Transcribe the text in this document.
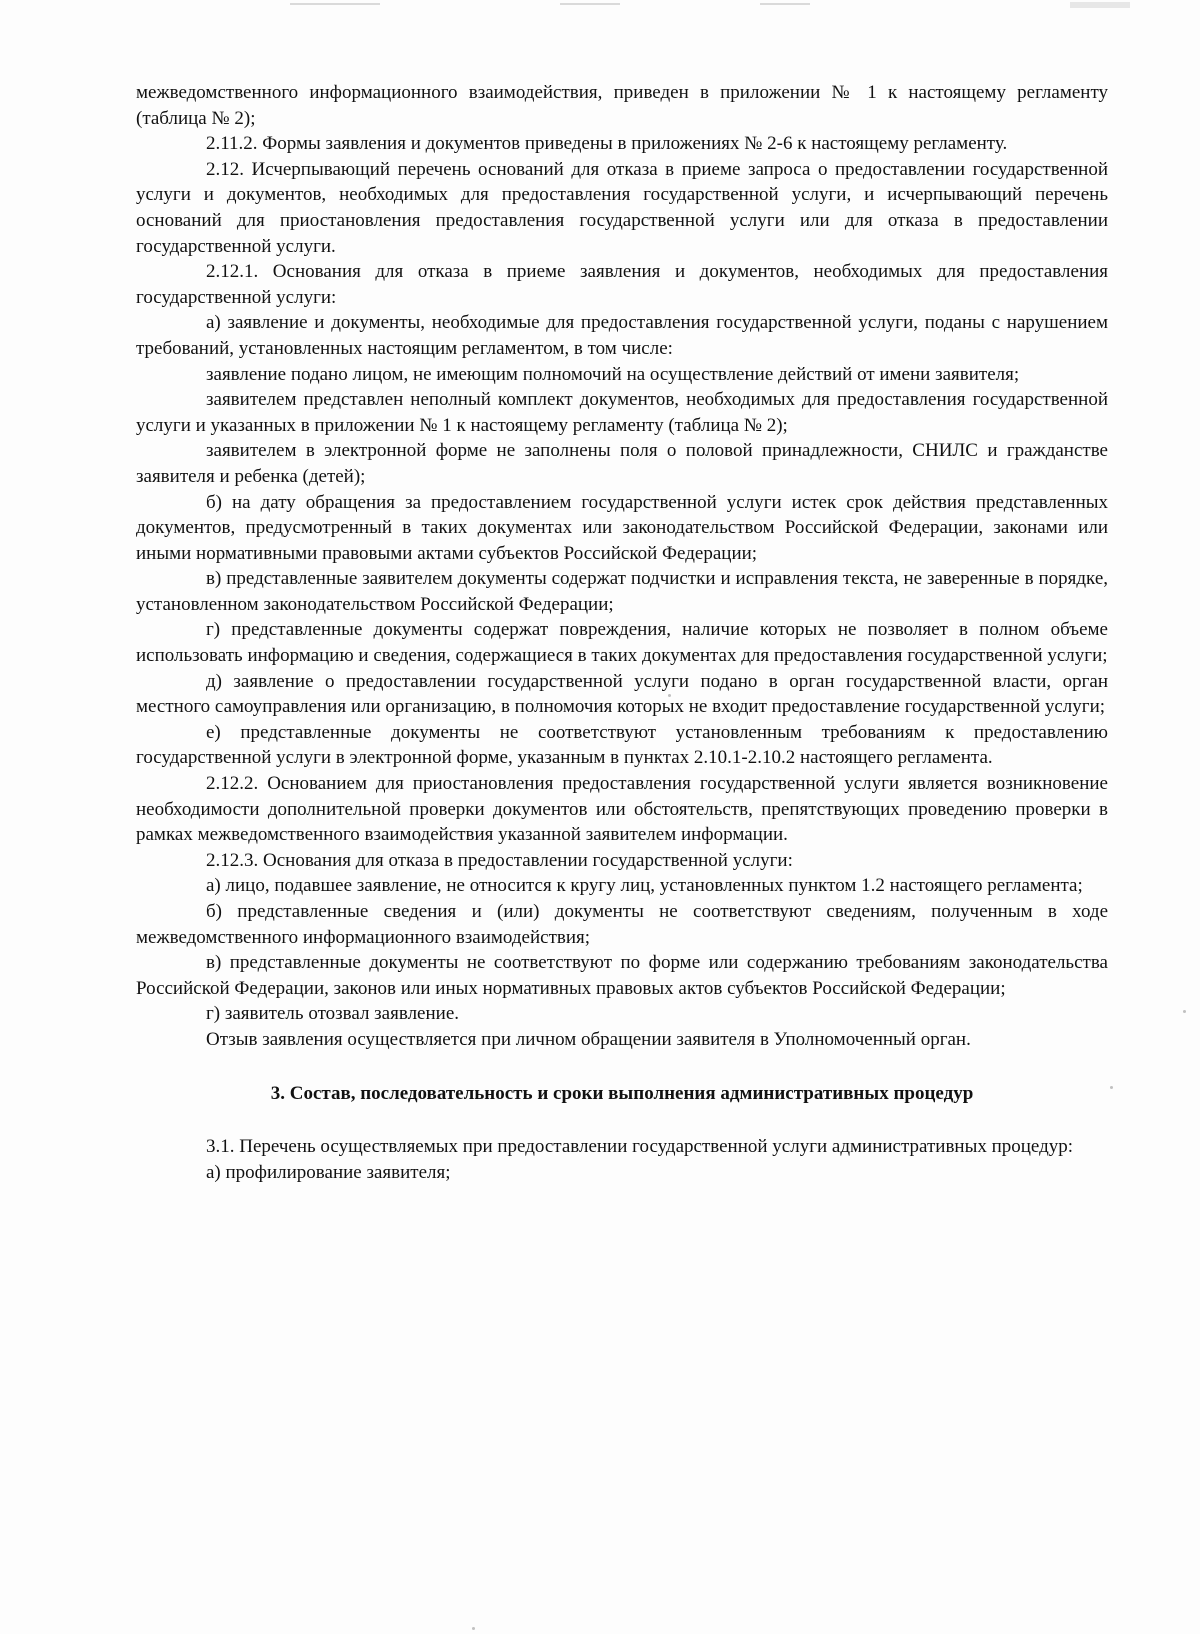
межведомственного информационного взаимодействия, приведен в приложении № 1 к настоящему регламенту (таблица № 2);

2.11.2. Формы заявления и документов приведены в приложениях № 2-6 к настоящему регламенту.

2.12. Исчерпывающий перечень оснований для отказа в приеме запроса о предоставлении государственной услуги и документов, необходимых для предоставления государственной услуги, и исчерпывающий перечень оснований для приостановления предоставления государственной услуги или для отказа в предоставлении государственной услуги.

2.12.1. Основания для отказа в приеме заявления и документов, необходимых для предоставления государственной услуги:

а) заявление и документы, необходимые для предоставления государственной услуги, поданы с нарушением требований, установленных настоящим регламентом, в том числе:

заявление подано лицом, не имеющим полномочий на осуществление действий от имени заявителя;

заявителем представлен неполный комплект документов, необходимых для предоставления государственной услуги и указанных в приложении № 1 к настоящему регламенту (таблица № 2);

заявителем в электронной форме не заполнены поля о половой принадлежности, СНИЛС и гражданстве заявителя и ребенка (детей);

б) на дату обращения за предоставлением государственной услуги истек срок действия представленных документов, предусмотренный в таких документах или законодательством Российской Федерации, законами или иными нормативными правовыми актами субъектов Российской Федерации;

в) представленные заявителем документы содержат подчистки и исправления текста, не заверенные в порядке, установленном законодательством Российской Федерации;

г) представленные документы содержат повреждения, наличие которых не позволяет в полном объеме использовать информацию и сведения, содержащиеся в таких документах для предоставления государственной услуги;

д) заявление о предоставлении государственной услуги подано в орган государственной власти, орган местного самоуправления или организацию, в полномочия которых не входит предоставление государственной услуги;

е) представленные документы не соответствуют установленным требованиям к предоставлению государственной услуги в электронной форме, указанным в пунктах 2.10.1-2.10.2 настоящего регламента.

2.12.2. Основанием для приостановления предоставления государственной услуги является возникновение необходимости дополнительной проверки документов или обстоятельств, препятствующих проведению проверки в рамках межведомственного взаимодействия указанной заявителем информации.

2.12.3. Основания для отказа в предоставлении государственной услуги:

а) лицо, подавшее заявление, не относится к кругу лиц, установленных пунктом 1.2 настоящего регламента;

б) представленные сведения и (или) документы не соответствуют сведениям, полученным в ходе межведомственного информационного взаимодействия;

в) представленные документы не соответствуют по форме или содержанию требованиям законодательства Российской Федерации, законов или иных нормативных правовых актов субъектов Российской Федерации;

г) заявитель отозвал заявление.

Отзыв заявления осуществляется при личном обращении заявителя в Уполномоченный орган.

3. Состав, последовательность и сроки выполнения административных процедур

3.1. Перечень осуществляемых при предоставлении государственной услуги административных процедур:

а) профилирование заявителя;
